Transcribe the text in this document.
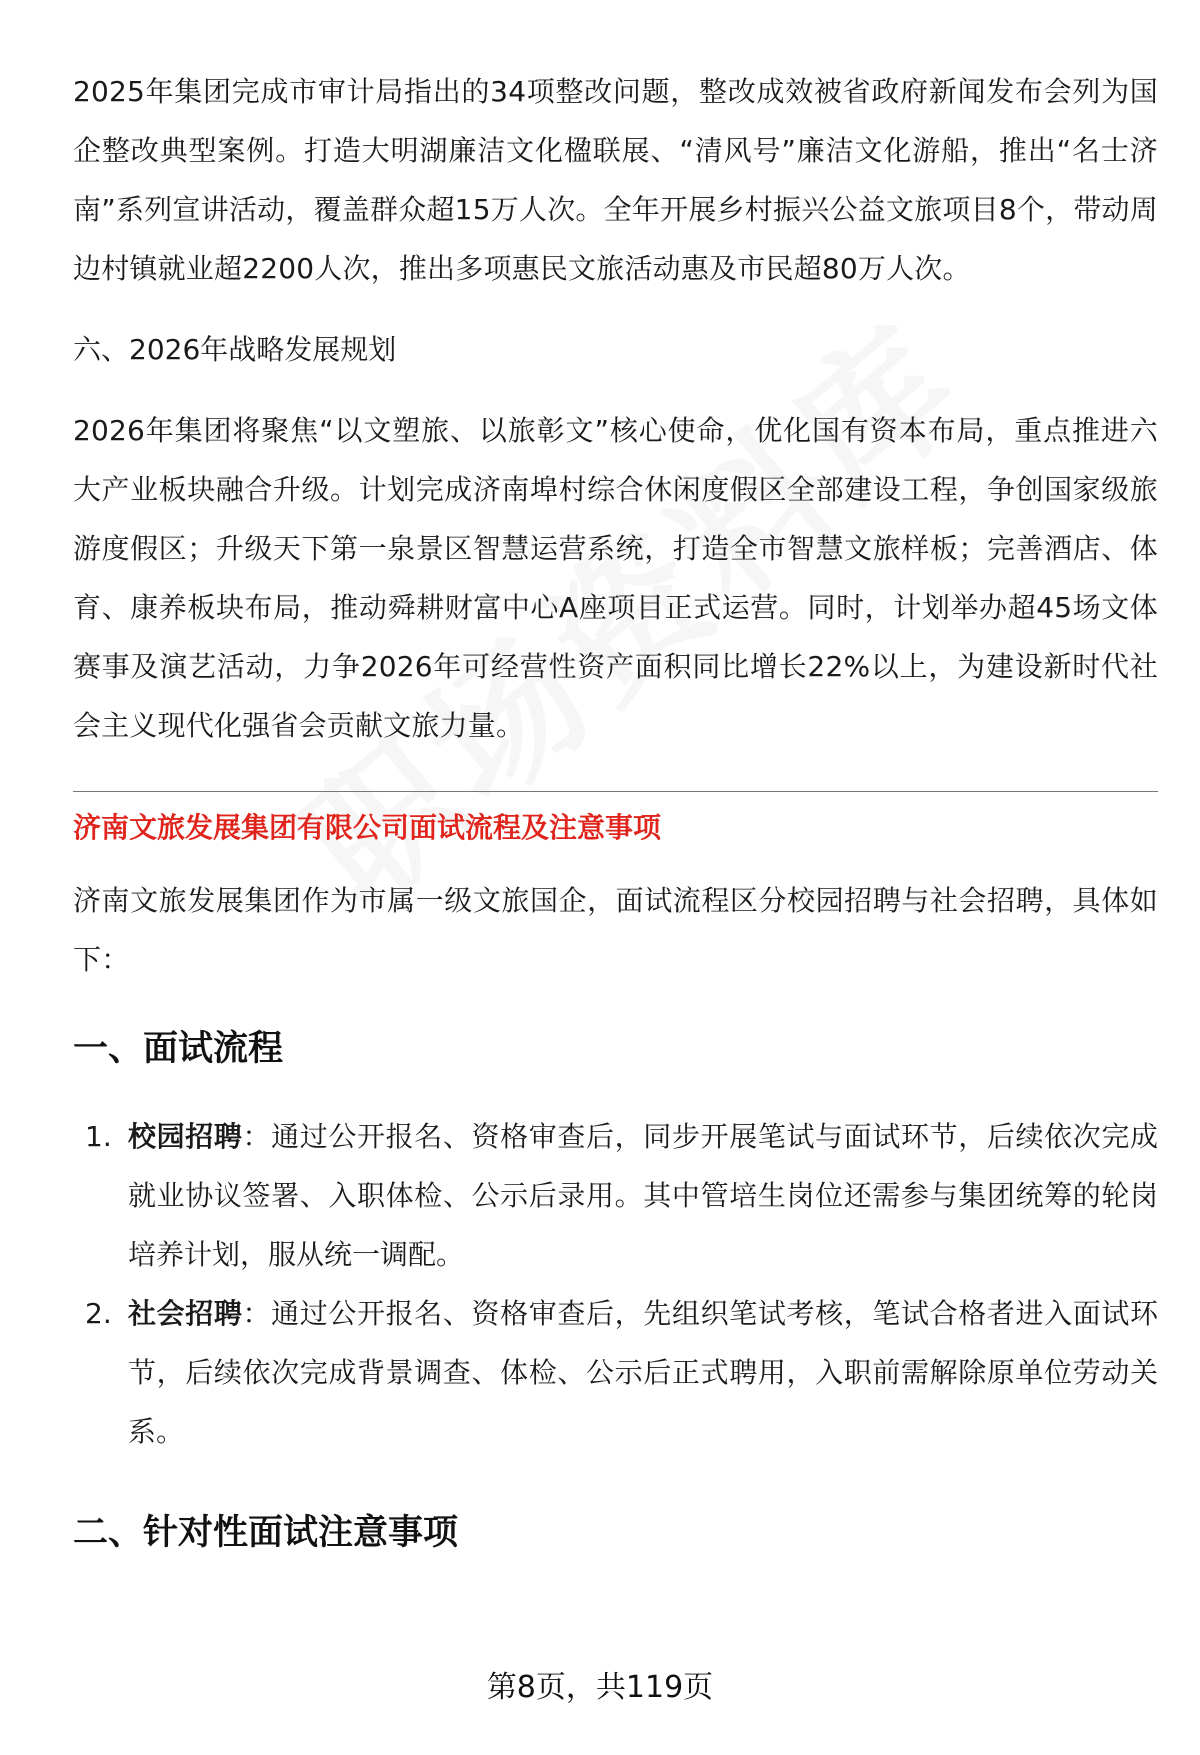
2025年集团完成市审计局指出的34项整改问题，整改成效被省政府新闻发布会列为国企整改典型案例。打造大明湖廉洁文化楹联展、“清风号”廉洁文化游船，推出“名士济南”系列宣讲活动，覆盖群众超15万人次。全年开展乡村振兴公益文旅项目8个，带动周边村镇就业超2200人次，推出多项惠民文旅活动惠及市民超80万人次。

六、2026年战略发展规划

2026年集团将聚焦“以文塑旅、以旅彰文”核心使命，优化国有资本布局，重点推进六大产业板块融合升级。计划完成济南埠村综合休闲度假区全部建设工程，争创国家级旅游度假区；升级天下第一泉景区智慧运营系统，打造全市智慧文旅样板；完善酒店、体育、康养板块布局，推动舜耕财富中心A座项目正式运营。同时，计划举办超45场文体赛事及演艺活动，力争2026年可经营性资产面积同比增长22%以上，为建设新时代社会主义现代化强省会贡献文旅力量。

济南文旅发展集团有限公司面试流程及注意事项

济南文旅发展集团作为市属一级文旅国企，面试流程区分校园招聘与社会招聘，具体如下：

一、面试流程
1. 校园招聘：通过公开报名、资格审查后，同步开展笔试与面试环节，后续依次完成就业协议签署、入职体检、公示后录用。其中管培生岗位还需参与集团统筹的轮岗培养计划，服从统一调配。
2. 社会招聘：通过公开报名、资格审查后，先组织笔试考核，笔试合格者进入面试环节，后续依次完成背景调查、体检、公示后正式聘用，入职前需解除原单位劳动关系。
二、针对性面试注意事项
第8页，共119页
